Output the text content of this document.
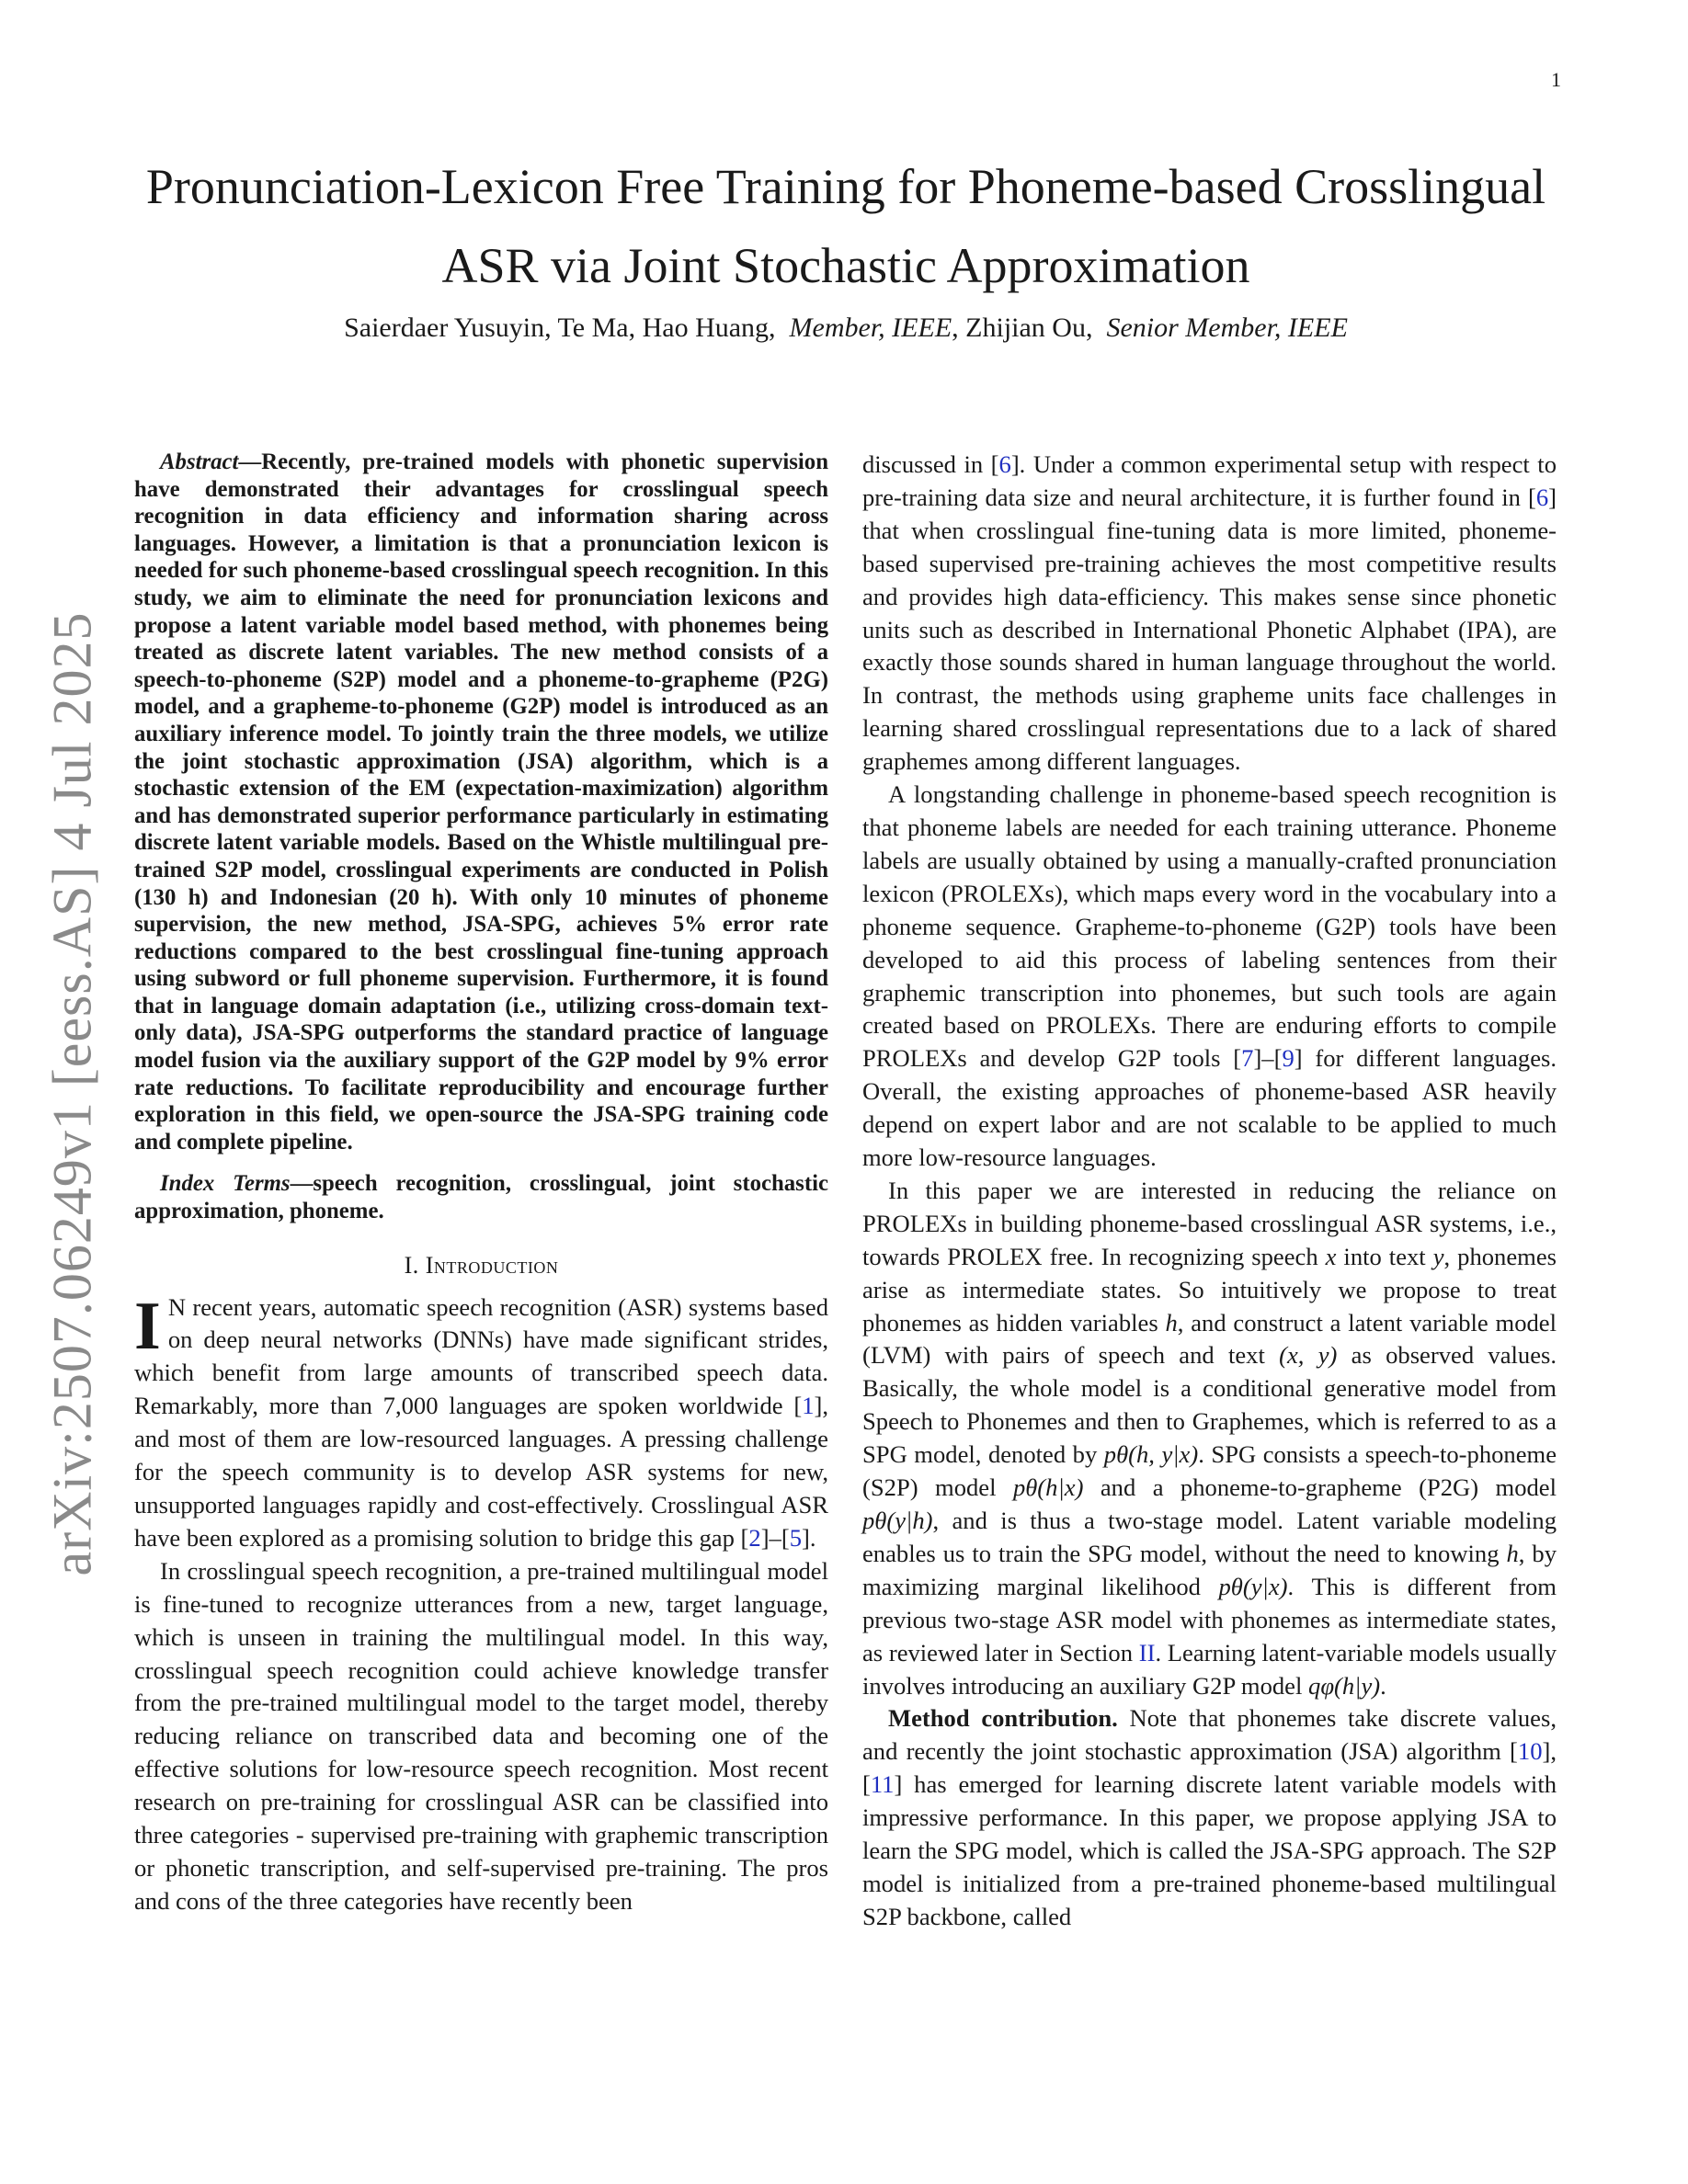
1
arXiv:2507.06249v1 [eess.AS] 4 Jul 2025
Pronunciation-Lexicon Free Training for Phoneme-based Crosslingual
ASR via Joint Stochastic Approximation
Saierdaer Yusuyin, Te Ma, Hao Huang, Member, IEEE, Zhijian Ou, Senior Member, IEEE

Abstract—Recently, pre-trained models with phonetic supervision have demonstrated their advantages for crosslingual speech recognition in data efficiency and information sharing across languages. However, a limitation is that a pronunciation lexicon is needed for such phoneme-based crosslingual speech recognition. In this study, we aim to eliminate the need for pronunciation lexicons and propose a latent variable model based method, with phonemes being treated as discrete latent variables. The new method consists of a speech-to-phoneme (S2P) model and a phoneme-to-grapheme (P2G) model, and a grapheme-to-phoneme (G2P) model is introduced as an auxiliary inference model. To jointly train the three models, we utilize the joint stochastic approximation (JSA) algorithm, which is a stochastic extension of the EM (expectation-maximization) algorithm and has demonstrated superior performance particularly in estimating discrete latent variable models. Based on the Whistle multilingual pre-trained S2P model, crosslingual experiments are conducted in Polish (130 h) and Indonesian (20 h). With only 10 minutes of phoneme supervision, the new method, JSA-SPG, achieves 5% error rate reductions compared to the best crosslingual fine-tuning approach using subword or full phoneme supervision. Furthermore, it is found that in language domain adaptation (i.e., utilizing cross-domain text-only data), JSA-SPG outperforms the standard practice of language model fusion via the auxiliary support of the G2P model by 9% error rate reductions. To facilitate reproducibility and encourage further exploration in this field, we open-source the JSA-SPG training code and complete pipeline.

Index Terms—speech recognition, crosslingual, joint stochastic approximation, phoneme.

I. Introduction

I N recent years, automatic speech recognition (ASR) systems based on deep neural networks (DNNs) have made significant strides, which benefit from large amounts of transcribed speech data. Remarkably, more than 7,000 languages are spoken worldwide [1], and most of them are low-resourced languages. A pressing challenge for the speech community is to develop ASR systems for new, unsupported languages rapidly and cost-effectively. Crosslingual ASR have been explored as a promising solution to bridge this gap [2]–[5].

In crosslingual speech recognition, a pre-trained multilingual model is fine-tuned to recognize utterances from a new, target language, which is unseen in training the multilingual model. In this way, crosslingual speech recognition could achieve knowledge transfer from the pre-trained multilingual model to the target model, thereby reducing reliance on transcribed data and becoming one of the effective solutions for low-resource speech recognition. Most recent research on pre-training for crosslingual ASR can be classified into three categories - supervised pre-training with graphemic transcription or phonetic transcription, and self-supervised pre-training. The pros and cons of the three categories have recently been

discussed in [6]. Under a common experimental setup with respect to pre-training data size and neural architecture, it is further found in [6] that when crosslingual fine-tuning data is more limited, phoneme-based supervised pre-training achieves the most competitive results and provides high data-efficiency. This makes sense since phonetic units such as described in International Phonetic Alphabet (IPA), are exactly those sounds shared in human language throughout the world. In contrast, the methods using grapheme units face challenges in learning shared crosslingual representations due to a lack of shared graphemes among different languages.

A longstanding challenge in phoneme-based speech recognition is that phoneme labels are needed for each training utterance. Phoneme labels are usually obtained by using a manually-crafted pronunciation lexicon (PROLEXs), which maps every word in the vocabulary into a phoneme sequence. Grapheme-to-phoneme (G2P) tools have been developed to aid this process of labeling sentences from their graphemic transcription into phonemes, but such tools are again created based on PROLEXs. There are enduring efforts to compile PROLEXs and develop G2P tools [7]–[9] for different languages. Overall, the existing approaches of phoneme-based ASR heavily depend on expert labor and are not scalable to be applied to much more low-resource languages.

In this paper we are interested in reducing the reliance on PROLEXs in building phoneme-based crosslingual ASR systems, i.e., towards PROLEX free. In recognizing speech x into text y, phonemes arise as intermediate states. So intuitively we propose to treat phonemes as hidden variables h, and construct a latent variable model (LVM) with pairs of speech and text (x, y) as observed values. Basically, the whole model is a conditional generative model from Speech to Phonemes and then to Graphemes, which is referred to as a SPG model, denoted by pθ(h, y|x). SPG consists a speech-to-phoneme (S2P) model pθ(h|x) and a phoneme-to-grapheme (P2G) model pθ(y|h), and is thus a two-stage model. Latent variable modeling enables us to train the SPG model, without the need to knowing h, by maximizing marginal likelihood pθ(y|x). This is different from previous two-stage ASR model with phonemes as intermediate states, as reviewed later in Section II. Learning latent-variable models usually involves introducing an auxiliary G2P model qφ(h|y).

Method contribution. Note that phonemes take discrete values, and recently the joint stochastic approximation (JSA) algorithm [10], [11] has emerged for learning discrete latent variable models with impressive performance. In this paper, we propose applying JSA to learn the SPG model, which is called the JSA-SPG approach. The S2P model is initialized from a pre-trained phoneme-based multilingual S2P backbone, called
